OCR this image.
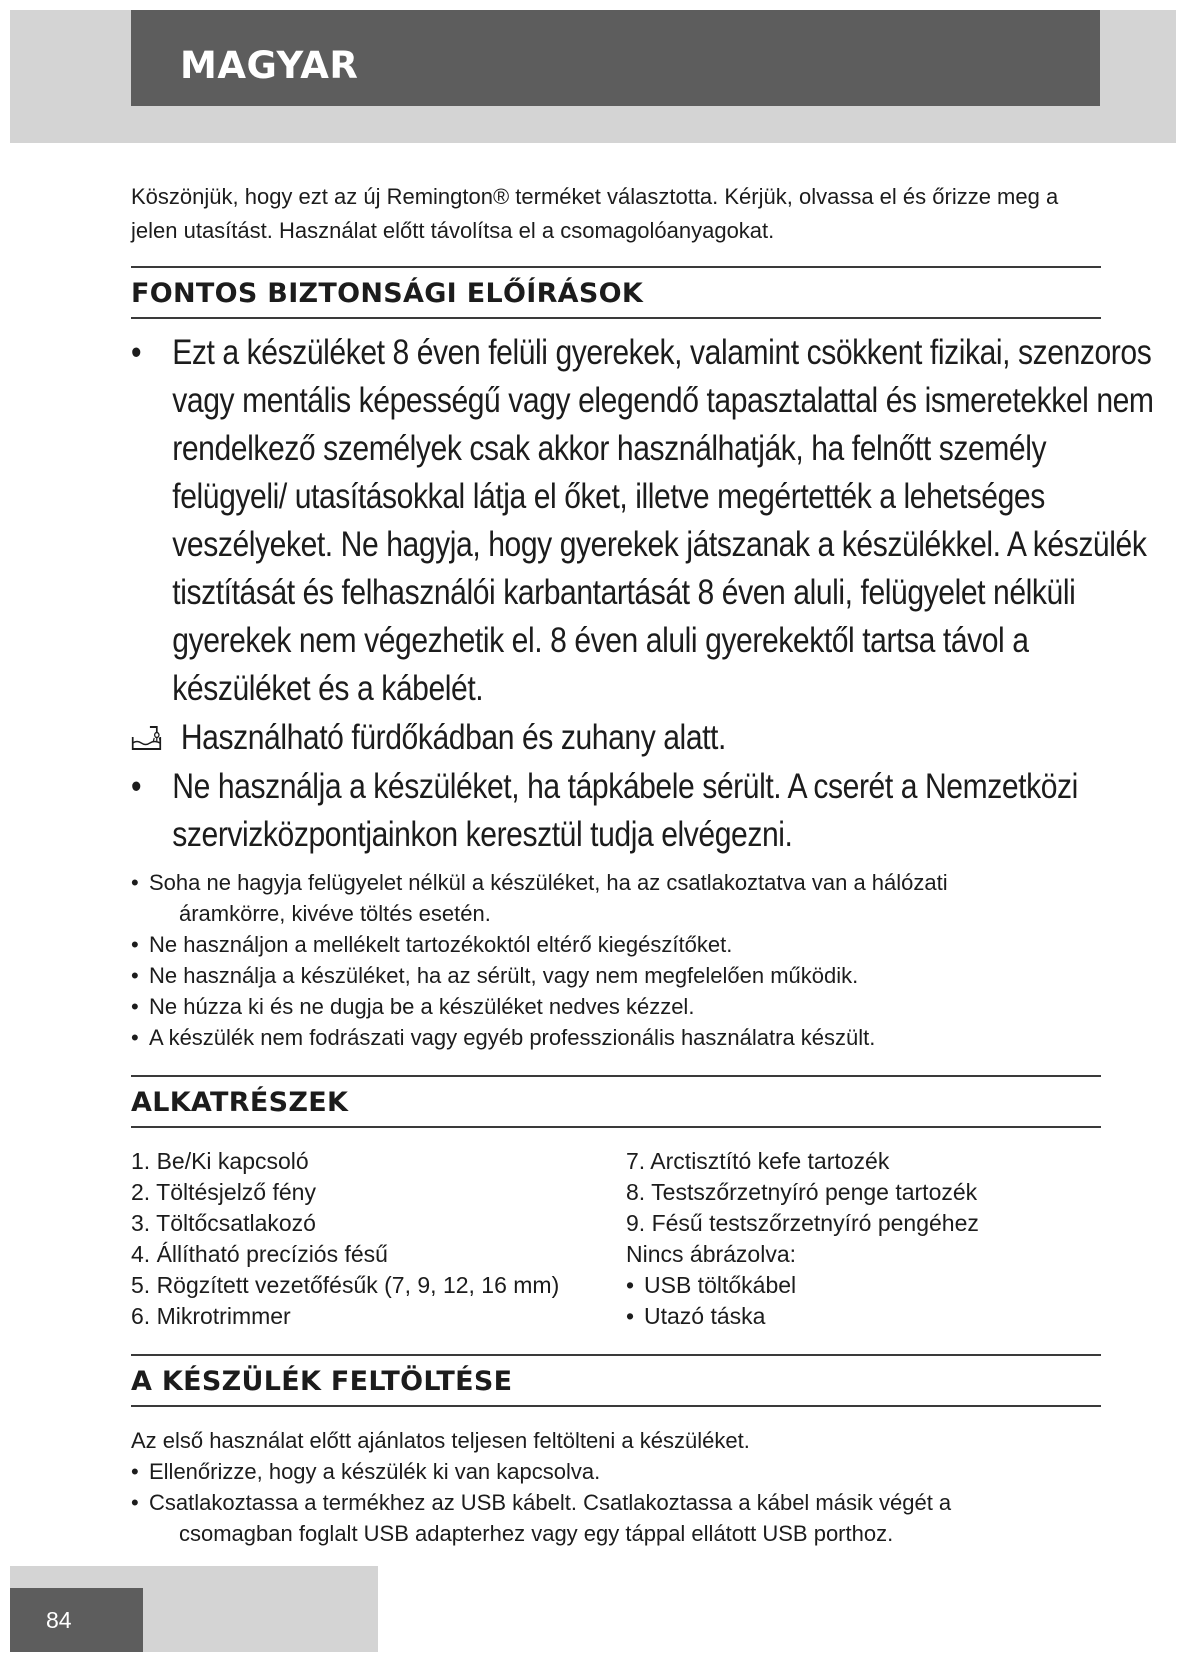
MAGYAR

Köszönjük, hogy ezt az új Remington® terméket választotta. Kérjük, olvassa el és őrizze meg a jelen utasítást. Használat előtt távolítsa el a csomagolóanyagokat.

FONTOS BIZTONSÁGI ELŐÍRÁSOK
• Ezt a készüléket 8 éven felüli gyerekek, valamint csökkent fizikai, szenzoros
vagy mentális képességű vagy elegendő tapasztalattal és ismeretekkel nem rendelkező személyek csak akkor használhatják, ha felnőtt személy felügyeli/ utasításokkal látja el őket, illetve megértették a lehetséges veszélyeket. Ne hagyja, hogy gyerekek játszanak a készülékkel. A készülék tisztítását és felhasználói karbantartását 8 éven aluli, felügyelet nélküli gyerekek nem végezhetik el. 8 éven aluli gyerekektől tartsa távol a készüléket és a kábelét.
Használható fürdőkádban és zuhany alatt.
• Ne használja a készüléket, ha tápkábele sérült. A cserét a Nemzetközi
szervizközpontjainkon keresztül tudja elvégezni.
• Soha ne hagyja felügyelet nélkül a készüléket, ha az csatlakoztatva van a hálózati
áramkörre, kivéve töltés esetén.
• Ne használjon a mellékelt tartozékoktól eltérő kiegészítőket.
• Ne használja a készüléket, ha az sérült, vagy nem megfelelően működik.
• Ne húzza ki és ne dugja be a készüléket nedves kézzel.
• A készülék nem fodrászati vagy egyéb professzionális használatra készült.
ALKATRÉSZEK
1. Be/Ki kapcsoló
2. Töltésjelző fény
3. Töltőcsatlakozó
4. Állítható precíziós fésű
5. Rögzített vezetőfésűk (7, 9, 12, 16 mm)
6. Mikrotrimmer
7. Arctisztító kefe tartozék
8. Testszőrzetnyíró penge tartozék
9. Fésű testszőrzetnyíró pengéhez
Nincs ábrázolva:
• USB töltőkábel
• Utazó táska
A KÉSZÜLÉK FELTÖLTÉSE
Az első használat előtt ajánlatos teljesen feltölteni a készüléket.
• Ellenőrizze, hogy a készülék ki van kapcsolva.
• Csatlakoztassa a termékhez az USB kábelt. Csatlakoztassa a kábel másik végét a
csomagban foglalt USB adapterhez vagy egy táppal ellátott USB porthoz.
84
